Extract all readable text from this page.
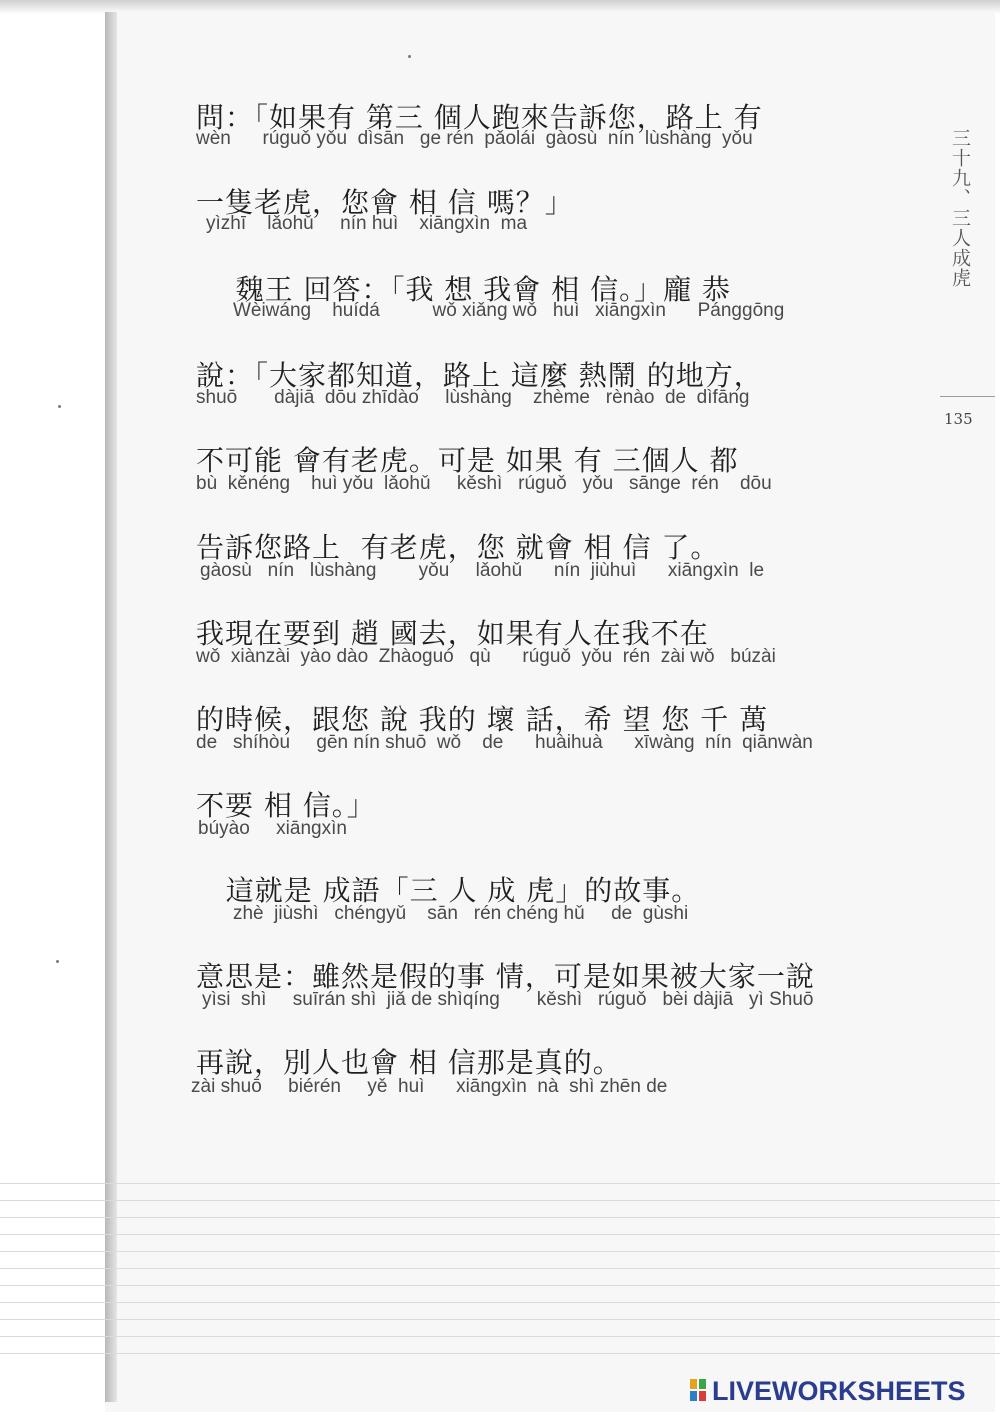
三十九、三人成虎
135
問：「如果有 第三 個人跑來告訴您，路上 有
wèn      rúguǒ yǒu  dìsān   ge rén  pǎolái  gàosù  nín  lùshàng  yǒu
一隻老虎，您會 相 信 嗎？」
yìzhī    lǎohǔ     nín huì    xiāngxìn  ma
魏王 回答：「我 想 我會 相 信。」龐 恭
Wèiwáng    huídá          wǒ xiǎng wǒ   huì   xiāngxìn      Pánggōng
說：「大家都知道，路上 這麼 熱鬧 的地方，
shuō       dàjiā  dōu zhīdào     lùshàng    zhème   rènào  de  dìfāng
不可能 會有老虎。可是 如果 有 三個人 都
bù  kěnéng    huì yǒu  lǎohǔ     kěshì   rúguǒ   yǒu   sānge  rén    dōu
告訴您路上  有老虎，您 就會 相 信 了。
gàosù   nín   lùshàng        yǒu     lǎohǔ      nín  jiùhuì      xiāngxìn  le
我現在要到 趙 國去，如果有人在我不在
wǒ  xiànzài  yào dào  Zhàoguó   qù      rúguǒ  yǒu  rén  zài wǒ   búzài
的時候，跟您 說 我的 壞 話，希 望 您 千 萬
de   shíhòu     gēn nín shuō  wǒ    de      huàihuà      xīwàng  nín  qiānwàn
不要 相 信。」
búyào     xiāngxìn
這就是 成語「三 人 成 虎」的故事。
zhè  jiùshì   chéngyǔ    sān   rén chéng hǔ     de  gùshi
意思是：雖然是假的事 情，可是如果被大家一說
yìsi  shì     suīrán shì  jiǎ de shìqíng       kěshì   rúguǒ   bèi dàjiā   yì Shuō
再說，別人也會 相 信那是真的。
zài shuō     biérén     yě  huì      xiāngxìn  nà  shì zhēn de
LIVEWORKSHEETS
